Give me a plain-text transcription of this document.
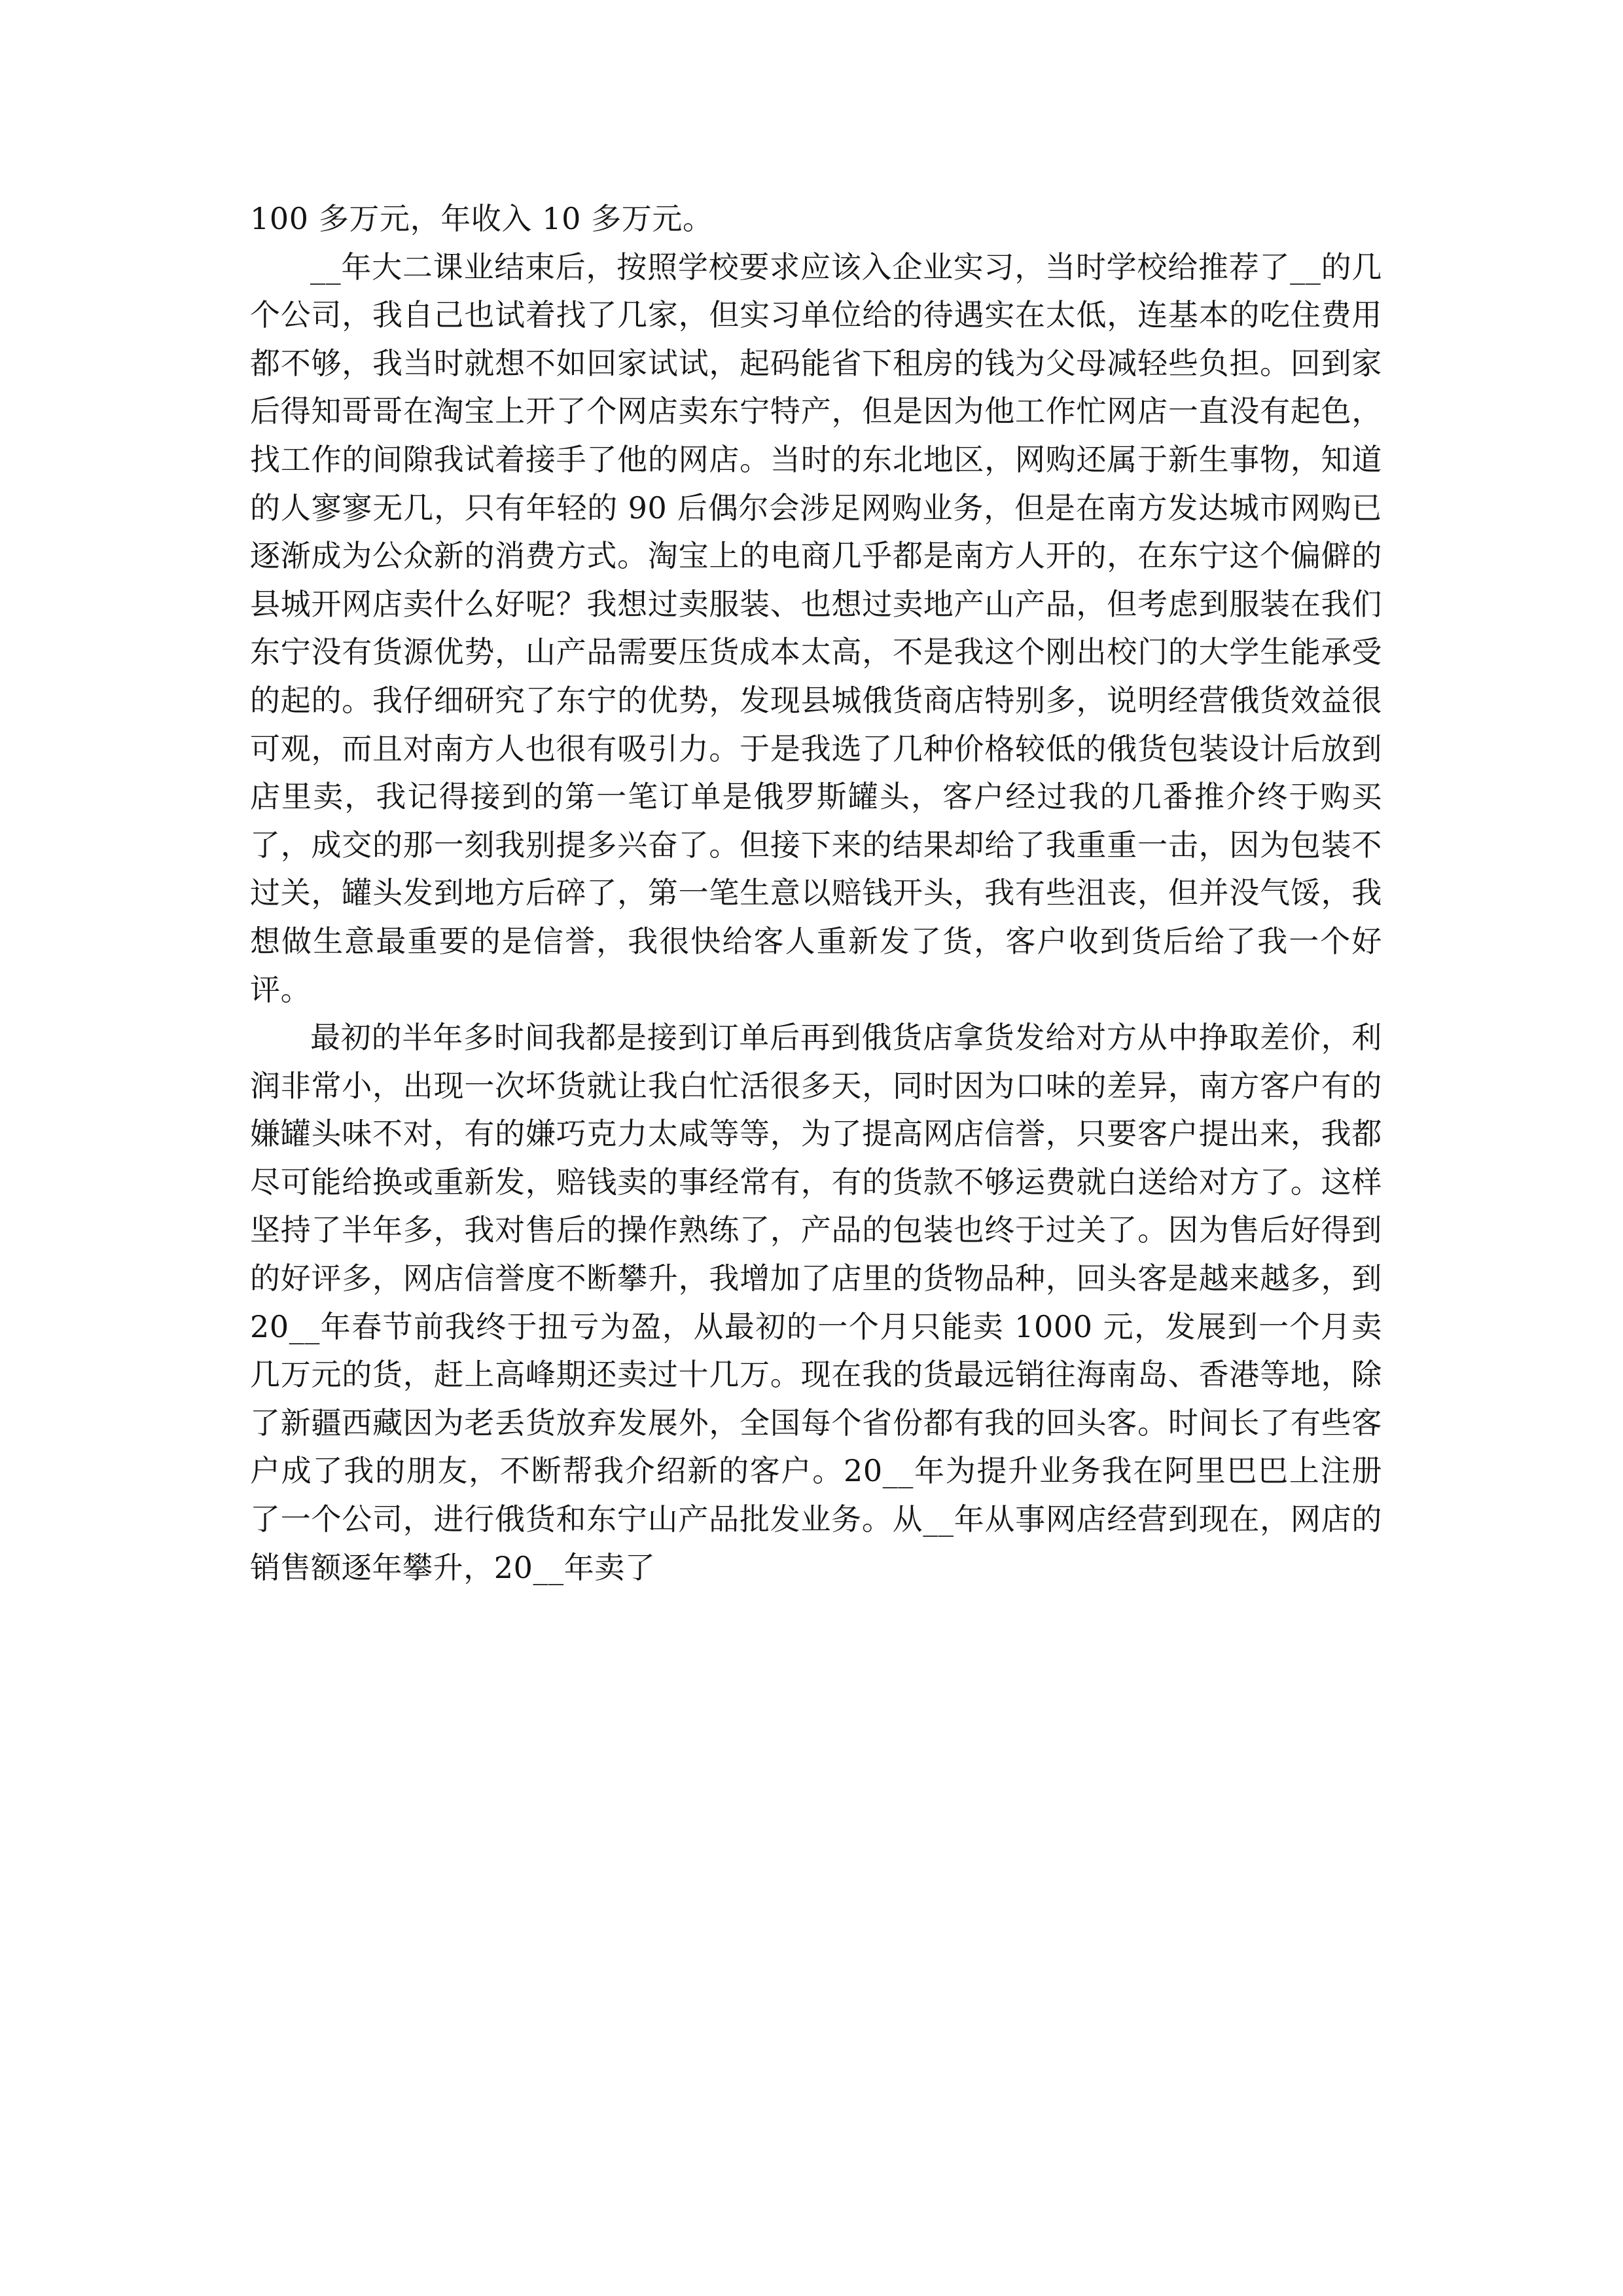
100 多万元，年收入 10 多万元。

__年大二课业结束后，按照学校要求应该入企业实习，当时学校给推荐了__的几个公司，我自己也试着找了几家，但实习单位给的待遇实在太低，连基本的吃住费用都不够，我当时就想不如回家试试，起码能省下租房的钱为父母减轻些负担。回到家后得知哥哥在淘宝上开了个网店卖东宁特产，但是因为他工作忙网店一直没有起色，找工作的间隙我试着接手了他的网店。当时的东北地区，网购还属于新生事物，知道的人寥寥无几，只有年轻的 90 后偶尔会涉足网购业务，但是在南方发达城市网购已逐渐成为公众新的消费方式。淘宝上的电商几乎都是南方人开的，在东宁这个偏僻的县城开网店卖什么好呢？我想过卖服装、也想过卖地产山产品，但考虑到服装在我们东宁没有货源优势，山产品需要压货成本太高，不是我这个刚出校门的大学生能承受的起的。我仔细研究了东宁的优势，发现县城俄货商店特别多，说明经营俄货效益很可观，而且对南方人也很有吸引力。于是我选了几种价格较低的俄货包装设计后放到店里卖，我记得接到的第一笔订单是俄罗斯罐头，客户经过我的几番推介终于购买了，成交的那一刻我别提多兴奋了。但接下来的结果却给了我重重一击，因为包装不过关，罐头发到地方后碎了，第一笔生意以赔钱开头，我有些沮丧，但并没气馁，我想做生意最重要的是信誉，我很快给客人重新发了货，客户收到货后给了我一个好评。

最初的半年多时间我都是接到订单后再到俄货店拿货发给对方从中挣取差价，利润非常小，出现一次坏货就让我白忙活很多天，同时因为口味的差异，南方客户有的嫌罐头味不对，有的嫌巧克力太咸等等，为了提高网店信誉，只要客户提出来，我都尽可能给换或重新发，赔钱卖的事经常有，有的货款不够运费就白送给对方了。这样坚持了半年多，我对售后的操作熟练了，产品的包装也终于过关了。因为售后好得到的好评多，网店信誉度不断攀升，我增加了店里的货物品种，回头客是越来越多，到 20__年春节前我终于扭亏为盈，从最初的一个月只能卖 1000 元，发展到一个月卖几万元的货，赶上高峰期还卖过十几万。现在我的货最远销往海南岛、香港等地，除了新疆西藏因为老丢货放弃发展外，全国每个省份都有我的回头客。时间长了有些客户成了我的朋友，不断帮我介绍新的客户。20__年为提升业务我在阿里巴巴上注册了一个公司，进行俄货和东宁山产品批发业务。从__年从事网店经营到现在，网店的销售额逐年攀升，20__年卖了
